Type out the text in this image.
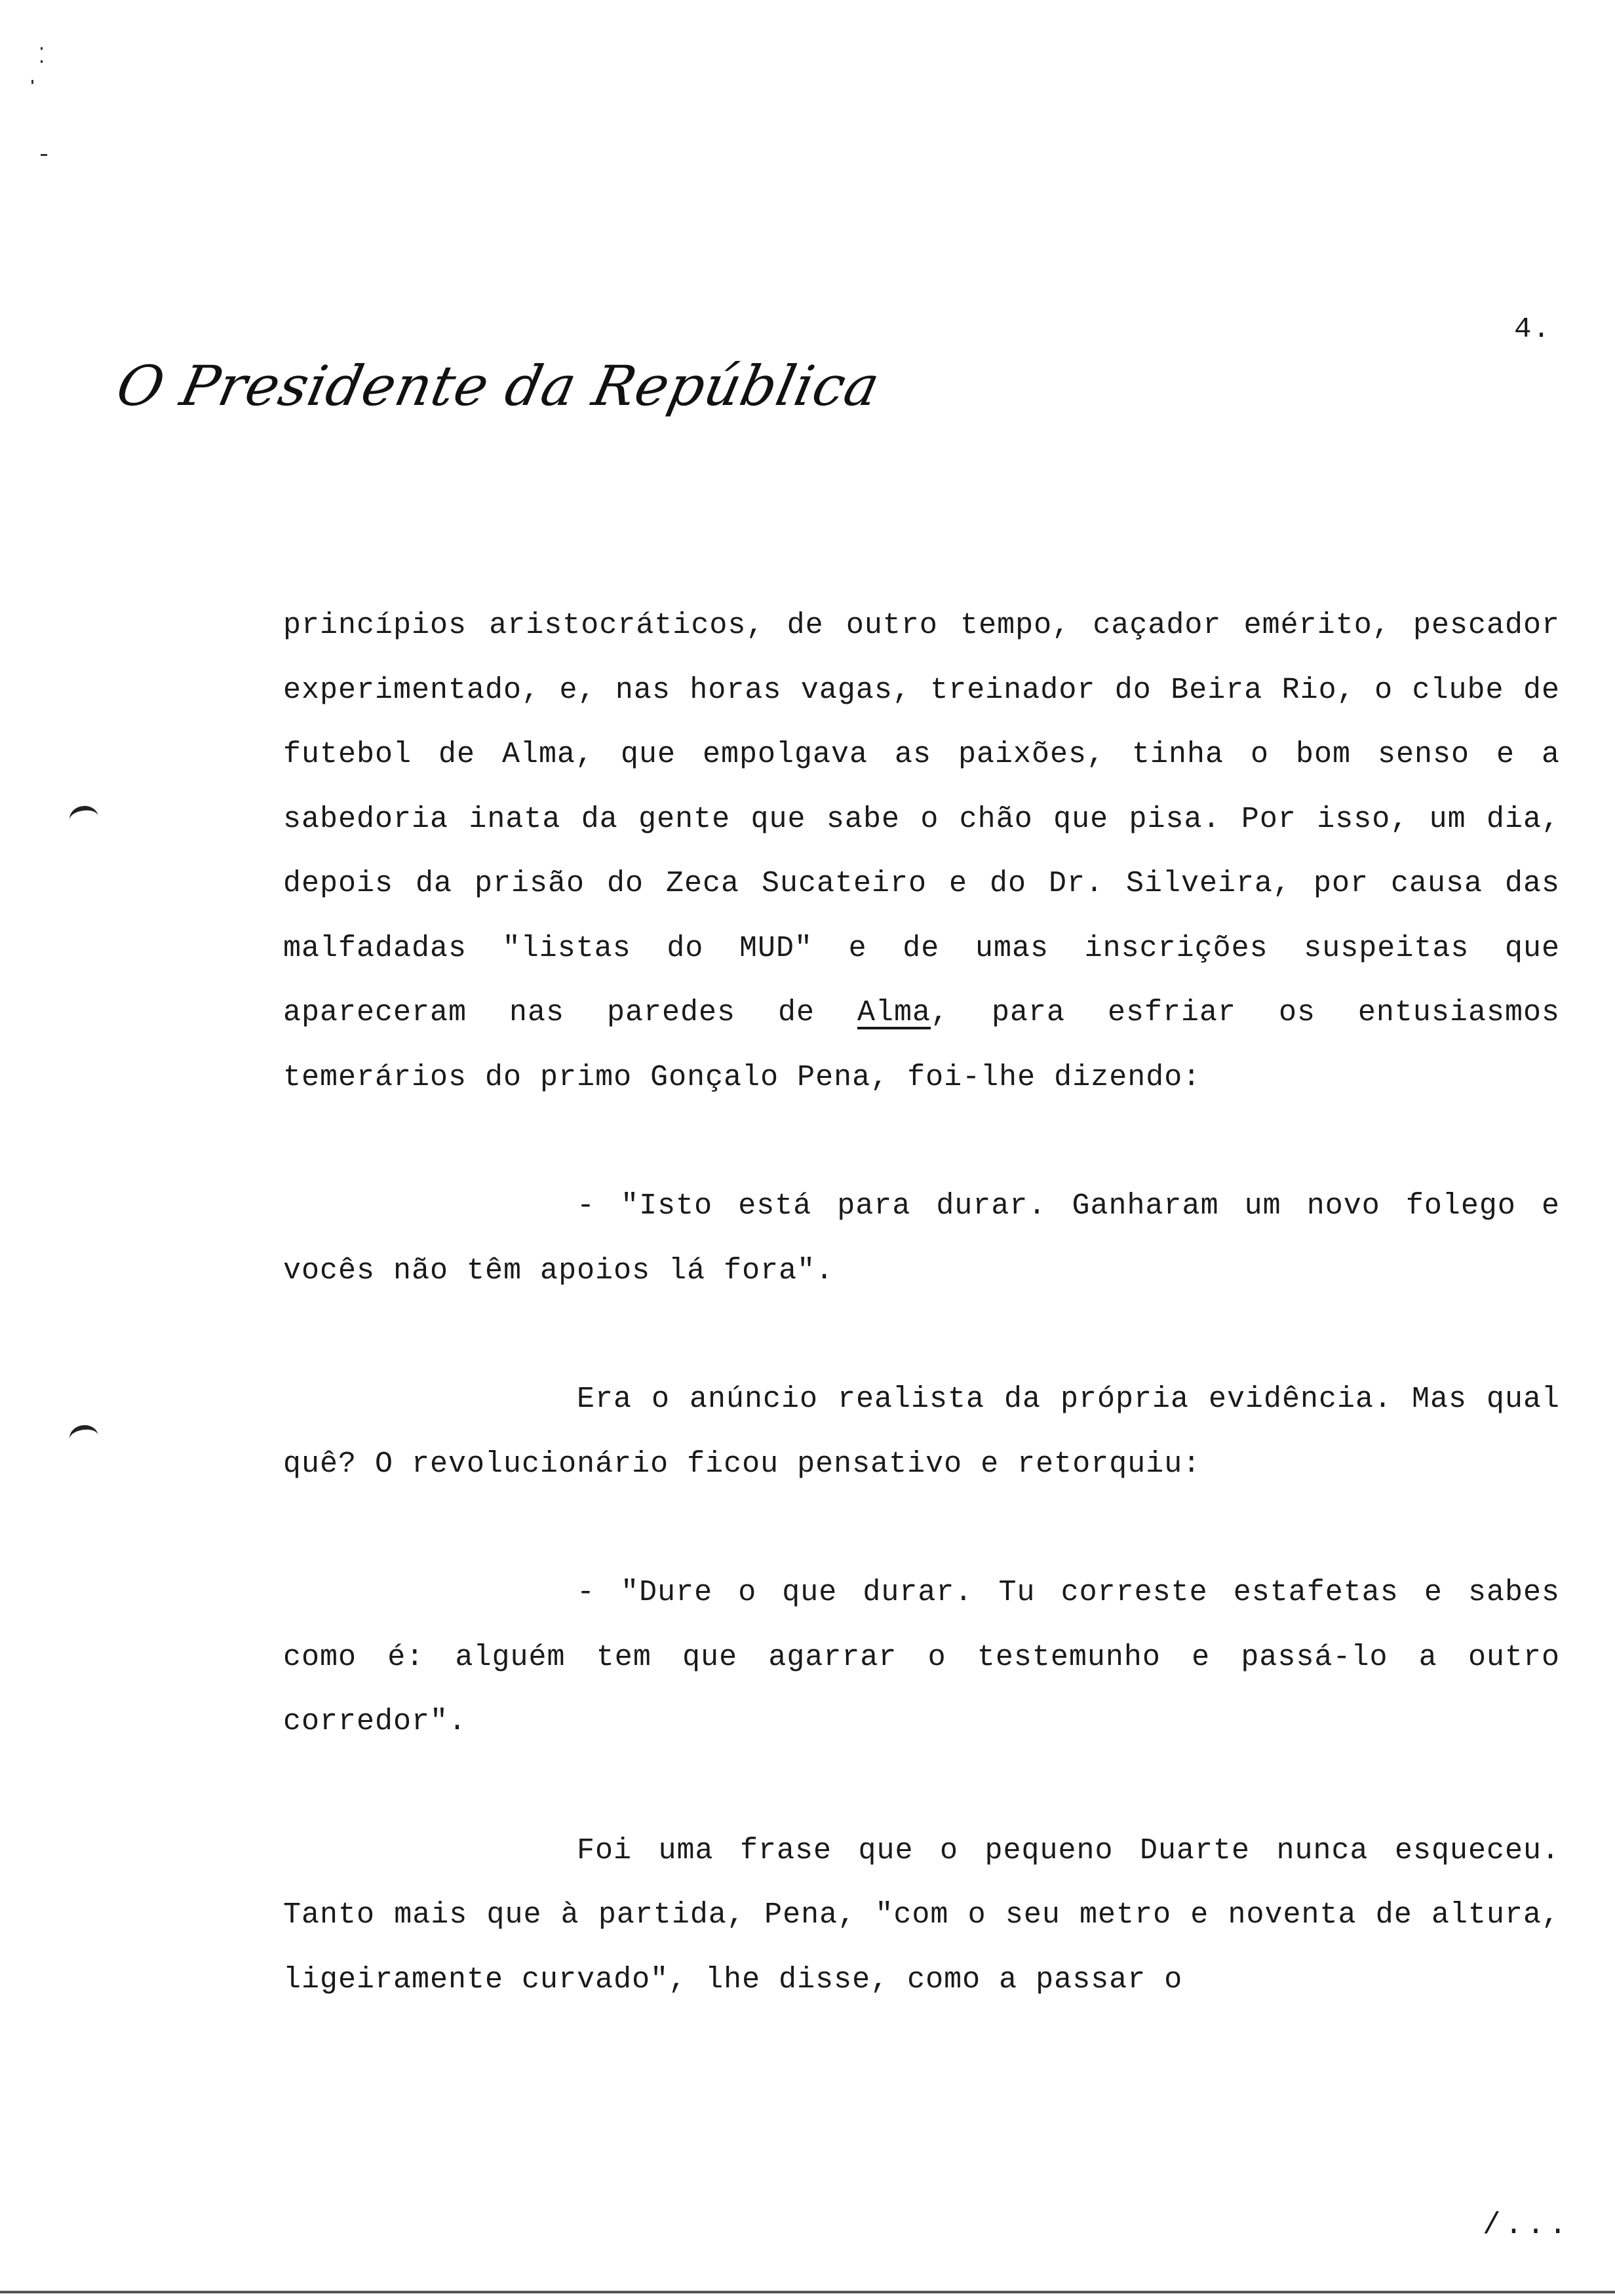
4.
O Presidente da República

princípios aristocráticos, de outro tempo, caçador emérito, pescador experimentado, e, nas horas vagas, treinador do Beira Rio, o clube de futebol de Alma, que empolgava as paixões, tinha o bom senso e a sabedoria inata da gente que sabe o chão que pisa. Por isso, um dia, depois da prisão do Zeca Sucateiro e do Dr. Silveira, por causa das malfadadas "listas do MUD" e de umas inscrições suspeitas que apareceram nas paredes de Alma, para esfriar os entusiasmos temerários do primo Gonçalo Pena, foi-lhe dizendo:

- "Isto está para durar. Ganharam um novo folego e vocês não têm apoios lá fora".

Era o anúncio realista da própria evidência. Mas qual quê? O revolucionário ficou pensativo e retorquiu:

- "Dure o que durar. Tu correste estafetas e sabes como é: alguém tem que agarrar o testemunho e passá-lo a outro corredor".

Foi uma frase que o pequeno Duarte nunca esqueceu. Tanto mais que à partida, Pena, "com o seu metro e noventa de altura, ligeiramente curvado", lhe disse, como a passar o

/...
